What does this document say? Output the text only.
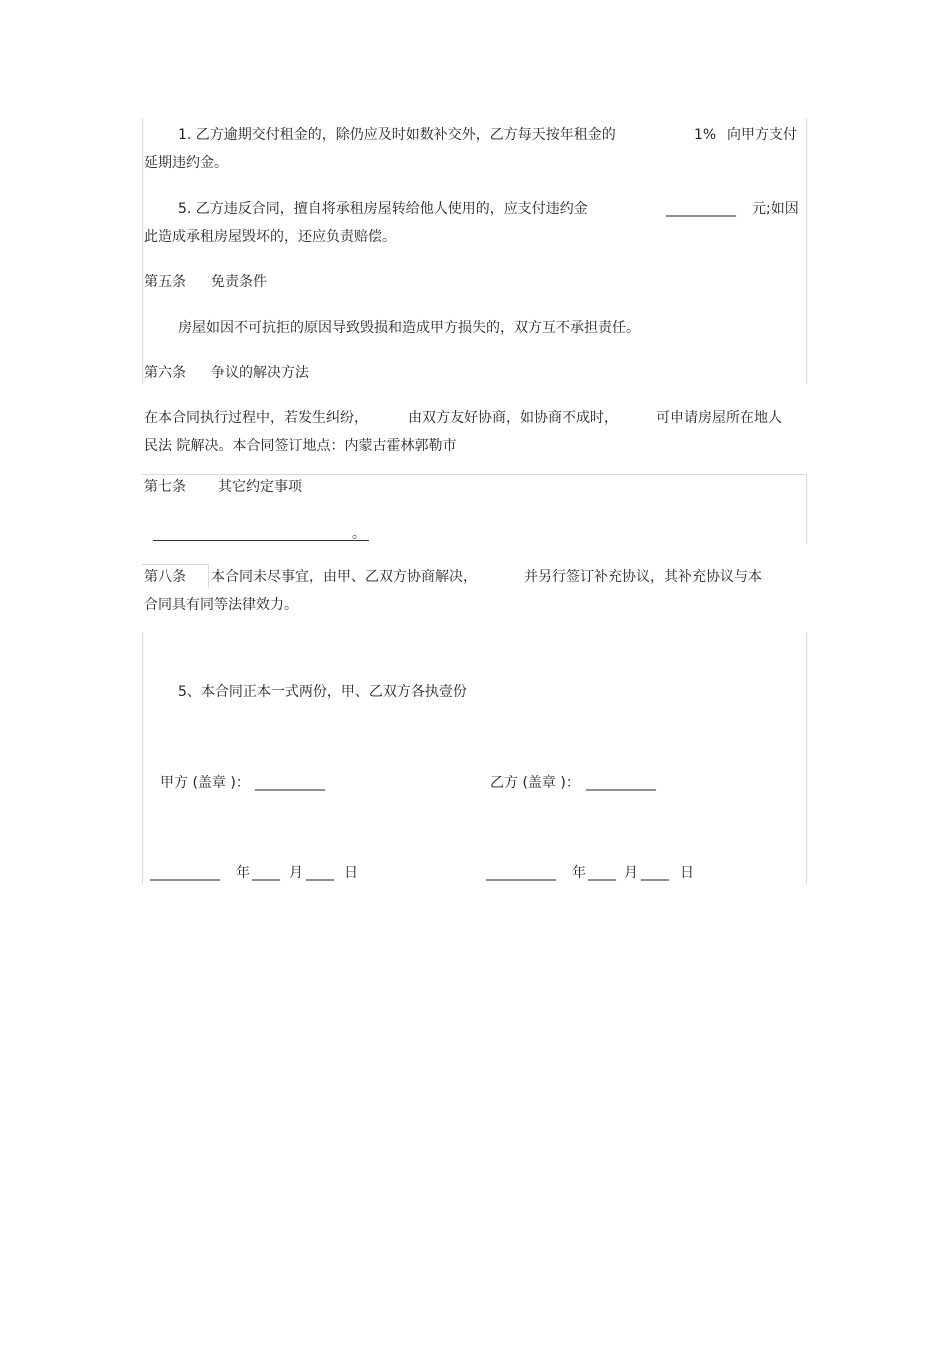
1. 乙方逾期交付租金的，除仍应及时如数补交外，乙方每天按年租金的	1% 向甲方支付
延期违约金。
5. 乙方违反合同，擅自将承租房屋转给他人使用的，应支付违约金	__________ 元;如因
此造成承租房屋毁坏的，还应负责赔偿。
第五条 免责条件
房屋如因不可抗拒的原因导致毁损和造成甲方损失的，双方互不承担责任。
第六条 争议的解决方法
在本合同执行过程中，若发生纠纷，	由双方友好协商，如协商不成时，	可申请房屋所在地人
民法 院解决。本合同签订地点：内蒙古霍林郭勒市
第七条 其它约定事项
。
第八条 本合同未尽事宜，由甲、乙双方协商解决，	并另行签订补充协议，其补充协议与本
合同具有同等法律效力。
5、本合同正本一式两份，甲、乙双方各执壹份
甲方 (盖章 )： __________	乙方 (盖章 )： __________
__________ 年 ____ 月 ____ 日	__________ 年 ____ 月 ____ 日
